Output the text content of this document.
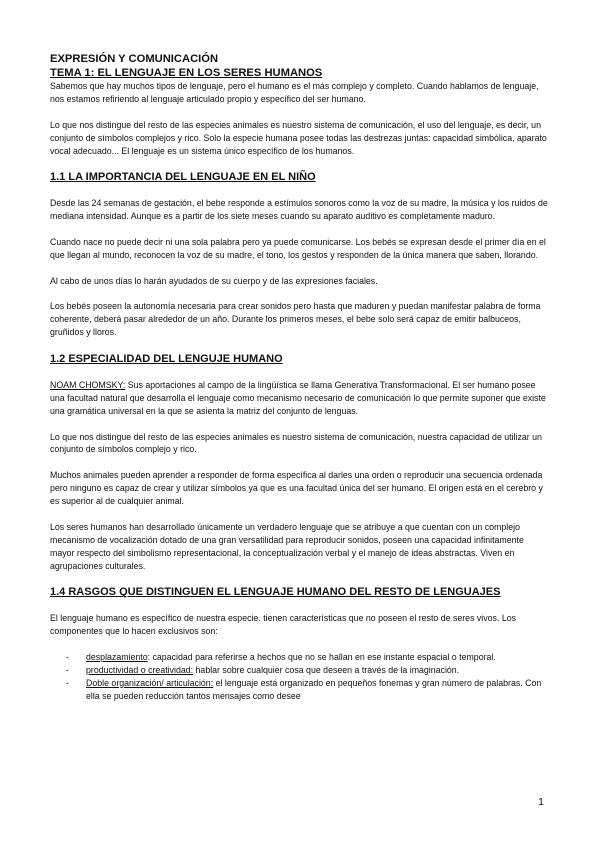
EXPRESIÓN Y COMUNICACIÓN

TEMA 1: EL LENGUAJE EN LOS SERES HUMANOS

Sabemos que hay muchos tipos de lenguaje, pero el humano es el más complejo y completo. Cuando hablamos de lenguaje, nos estamos refiriendo al lenguaje articulado propio y específico del ser humano.

Lo que nos distingue del resto de las especies animales es nuestro sistema de comunicación, el uso del lenguaje, es decir, un conjunto de símbolos complejos y rico. Solo la especie humana posee todas las destrezas juntas: capacidad simbólica, aparato vocal adecuado... El lenguaje es un sistema único específico de los humanos.

1.1 LA IMPORTANCIA DEL LENGUAJE EN EL NIÑO

Desde las 24 semanas de gestación, el bebe responde a estímulos sonoros como la voz de su madre, la música y los ruidos de mediana intensidad. Aunque es a partir de los siete meses cuando su aparato auditivo es completamente maduro.

Cuando nace no puede decir ni una sola palabra pero ya puede comunicarse. Los bebés se expresan desde el primer día en el que llegan al mundo, reconocen la voz de su madre, el tono, los gestos y responden de la única manera que saben, llorando.

Al cabo de unos días lo harán ayudados de su cuerpo y de las expresiones faciales.

Los bebés poseen la autonomía necesaria para crear sonidos pero hasta que maduren y puedan manifestar palabra de forma coherente, deberá pasar alrededor de un año. Durante los primeros meses, el bebe solo será capaz de emitir balbuceos, gruñidos y lloros.

1.2 ESPECIALIDAD DEL LENGUJE HUMANO

NOAM CHOMSKY: Sus aportaciones al campo de la lingüística se llama Generativa Transformacional. El ser humano posee una facultad natural que desarrolla el lenguaje como mecanismo necesario de comunicación lo que permite suponer que existe una gramática universal en la que se asienta la matriz del conjunto de lenguas.

Lo que nos distingue del resto de las especies animales es nuestro sistema de comunicación, nuestra capacidad de utilizar un conjunto de símbolos complejo y rico.

Muchos animales pueden aprender a responder de forma específica al darles una orden o reproducir una secuencia ordenada pero ninguno es capaz de crear y utilizar símbolos ya que es una facultad única del ser humano. El origen está en el cerebro y es superior al de cualquier animal.

Los seres humanos han desarrollado únicamente un verdadero lenguaje que se atribuye a que cuentan con un complejo mecanismo de vocalización dotado de una gran versatilidad para reproducir sonidos, poseen una capacidad infinitamente mayor respecto del simbolismo representacional, la conceptualización verbal y el manejo de ideas abstractas. Viven en agrupaciones culturales.

1.4 RASGOS QUE DISTINGUEN EL LENGUAJE HUMANO DEL RESTO DE LENGUAJES

El lenguaje humano es específico de nuestra especie. tienen características que no poseen el resto de seres vivos. Los componentes que lo hacen exclusivos son:

- desplazamiento: capacidad para referirse a hechos que no se hallan en ese instante espacial o temporal.
- productividad o creatividad: hablar sobre cualquier cosa que deseen a través de la imaginación.
- Doble organización/ articulación: el lenguaje está organizado en pequeños fonemas y gran número de palabras. Con ella se pueden reducción tantos mensajes como desee
1
